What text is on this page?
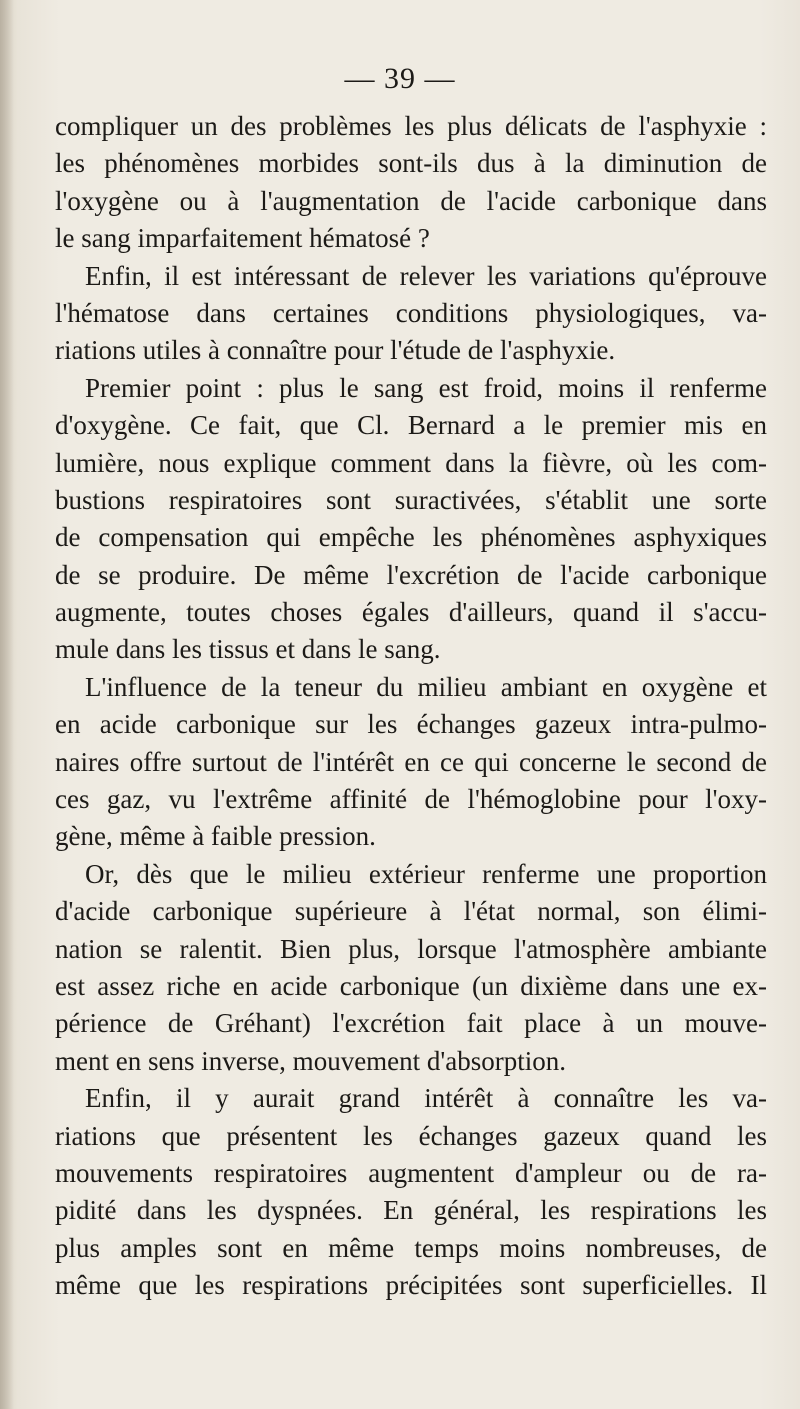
— 39 —
compliquer un des problèmes les plus délicats de l'asphyxie :
les phénomènes morbides sont-ils dus à la diminution de
l'oxygène ou à l'augmentation de l'acide carbonique dans
le sang imparfaitement hématosé ?
Enfin, il est intéressant de relever les variations qu'éprouve
l'hématose dans certaines conditions physiologiques, va-
riations utiles à connaître pour l'étude de l'asphyxie.
Premier point : plus le sang est froid, moins il renferme
d'oxygène. Ce fait, que Cl. Bernard a le premier mis en
lumière, nous explique comment dans la fièvre, où les com-
bustions respiratoires sont suractivées, s'établit une sorte
de compensation qui empêche les phénomènes asphyxiques
de se produire. De même l'excrétion de l'acide carbonique
augmente, toutes choses égales d'ailleurs, quand il s'accu-
mule dans les tissus et dans le sang.
L'influence de la teneur du milieu ambiant en oxygène et
en acide carbonique sur les échanges gazeux intra-pulmo-
naires offre surtout de l'intérêt en ce qui concerne le second de
ces gaz, vu l'extrême affinité de l'hémoglobine pour l'oxy-
gène, même à faible pression.
Or, dès que le milieu extérieur renferme une proportion
d'acide carbonique supérieure à l'état normal, son élimi-
nation se ralentit. Bien plus, lorsque l'atmosphère ambiante
est assez riche en acide carbonique (un dixième dans une ex-
périence de Gréhant) l'excrétion fait place à un mouve-
ment en sens inverse, mouvement d'absorption.
Enfin, il y aurait grand intérêt à connaître les va-
riations que présentent les échanges gazeux quand les
mouvements respiratoires augmentent d'ampleur ou de ra-
pidité dans les dyspnées. En général, les respirations les
plus amples sont en même temps moins nombreuses, de
même que les respirations précipitées sont superficielles. Il
